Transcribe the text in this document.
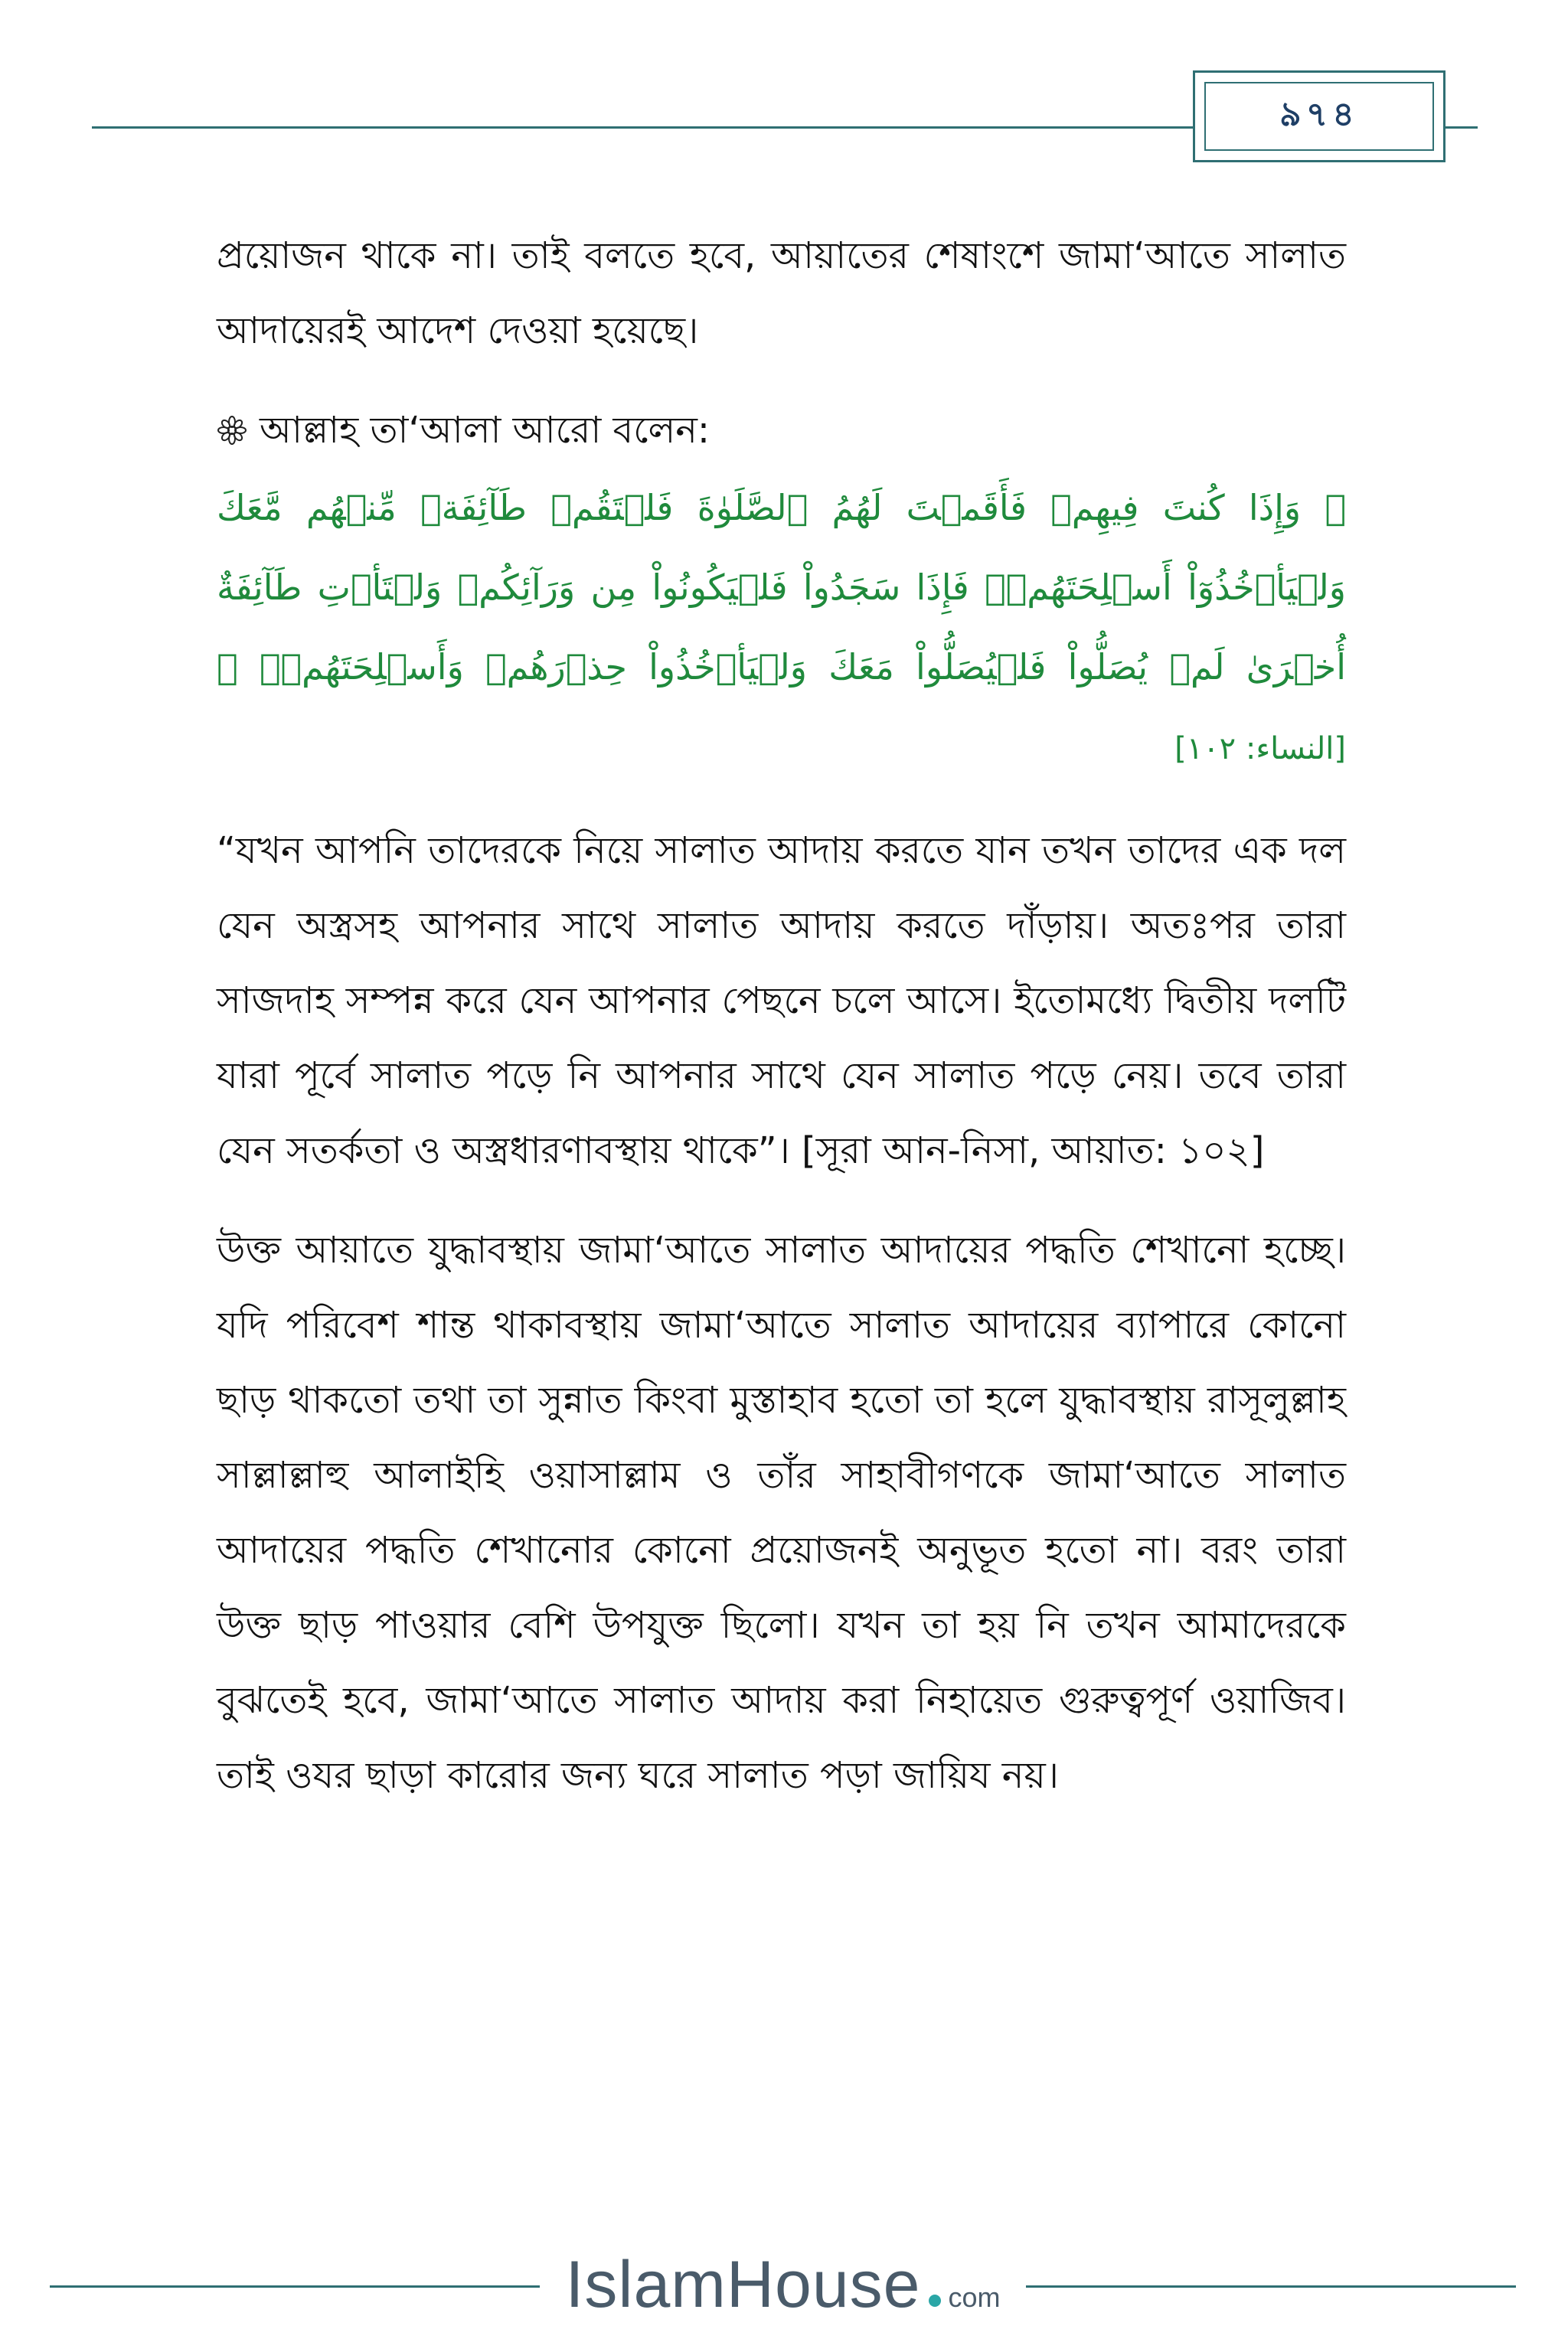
৯৭৪

প্রয়োজন থাকে না। তাই বলতে হবে, আয়াতের শেষাংশে জামা‘আতে সালাত আদায়েরই আদেশ দেওয়া হয়েছে।

আল্লাহ তা‘আলা আরো বলেন:

﴿ وَإِذَا كُنتَ فِيهِمۡ فَأَقَمۡتَ لَهُمُ ٱلصَّلَوٰةَ فَلۡتَقُمۡ طَآئِفَةٞ مِّنۡهُم مَّعَكَ وَلۡيَأۡخُذُوٓاْ أَسۡلِحَتَهُمۡۖ فَإِذَا سَجَدُواْ فَلۡيَكُونُواْ مِن وَرَآئِكُمۡ وَلۡتَأۡتِ طَآئِفَةٌ أُخۡرَىٰ لَمۡ يُصَلُّواْ فَلۡيُصَلُّواْ مَعَكَ وَلۡيَأۡخُذُواْ حِذۡرَهُمۡ وَأَسۡلِحَتَهُمۡۗ ﴾ [النساء: ١٠٢]

“যখন আপনি তাদেরকে নিয়ে সালাত আদায় করতে যান তখন তাদের এক দল যেন অস্ত্রসহ আপনার সাথে সালাত আদায় করতে দাঁড়ায়। অতঃপর তারা সাজদাহ সম্পন্ন করে যেন আপনার পেছনে চলে আসে। ইতোমধ্যে দ্বিতীয় দলটি যারা পূর্বে সালাত পড়ে নি আপনার সাথে যেন সালাত পড়ে নেয়। তবে তারা যেন সতর্কতা ও অস্ত্রধারণাবস্থায় থাকে”। [সূরা আন-নিসা, আয়াত: ১০২]

উক্ত আয়াতে যুদ্ধাবস্থায় জামা‘আতে সালাত আদায়ের পদ্ধতি শেখানো হচ্ছে। যদি পরিবেশ শান্ত থাকাবস্থায় জামা‘আতে সালাত আদায়ের ব্যাপারে কোনো ছাড় থাকতো তথা তা সুন্নাত কিংবা মুস্তাহাব হতো তা হলে যুদ্ধাবস্থায় রাসূলুল্লাহ সাল্লাল্লাহু আলাইহি ওয়াসাল্লাম ও তাঁর সাহাবীগণকে জামা‘আতে সালাত আদায়ের পদ্ধতি শেখানোর কোনো প্রয়োজনই অনুভূত হতো না। বরং তারা উক্ত ছাড় পাওয়ার বেশি উপযুক্ত ছিলো। যখন তা হয় নি তখন আমাদেরকে বুঝতেই হবে, জামা‘আতে সালাত আদায় করা নিহায়েত গুরুত্বপূর্ণ ওয়াজিব। তাই ওযর ছাড়া কারোর জন্য ঘরে সালাত পড়া জায়িয নয়।

IslamHouse com
